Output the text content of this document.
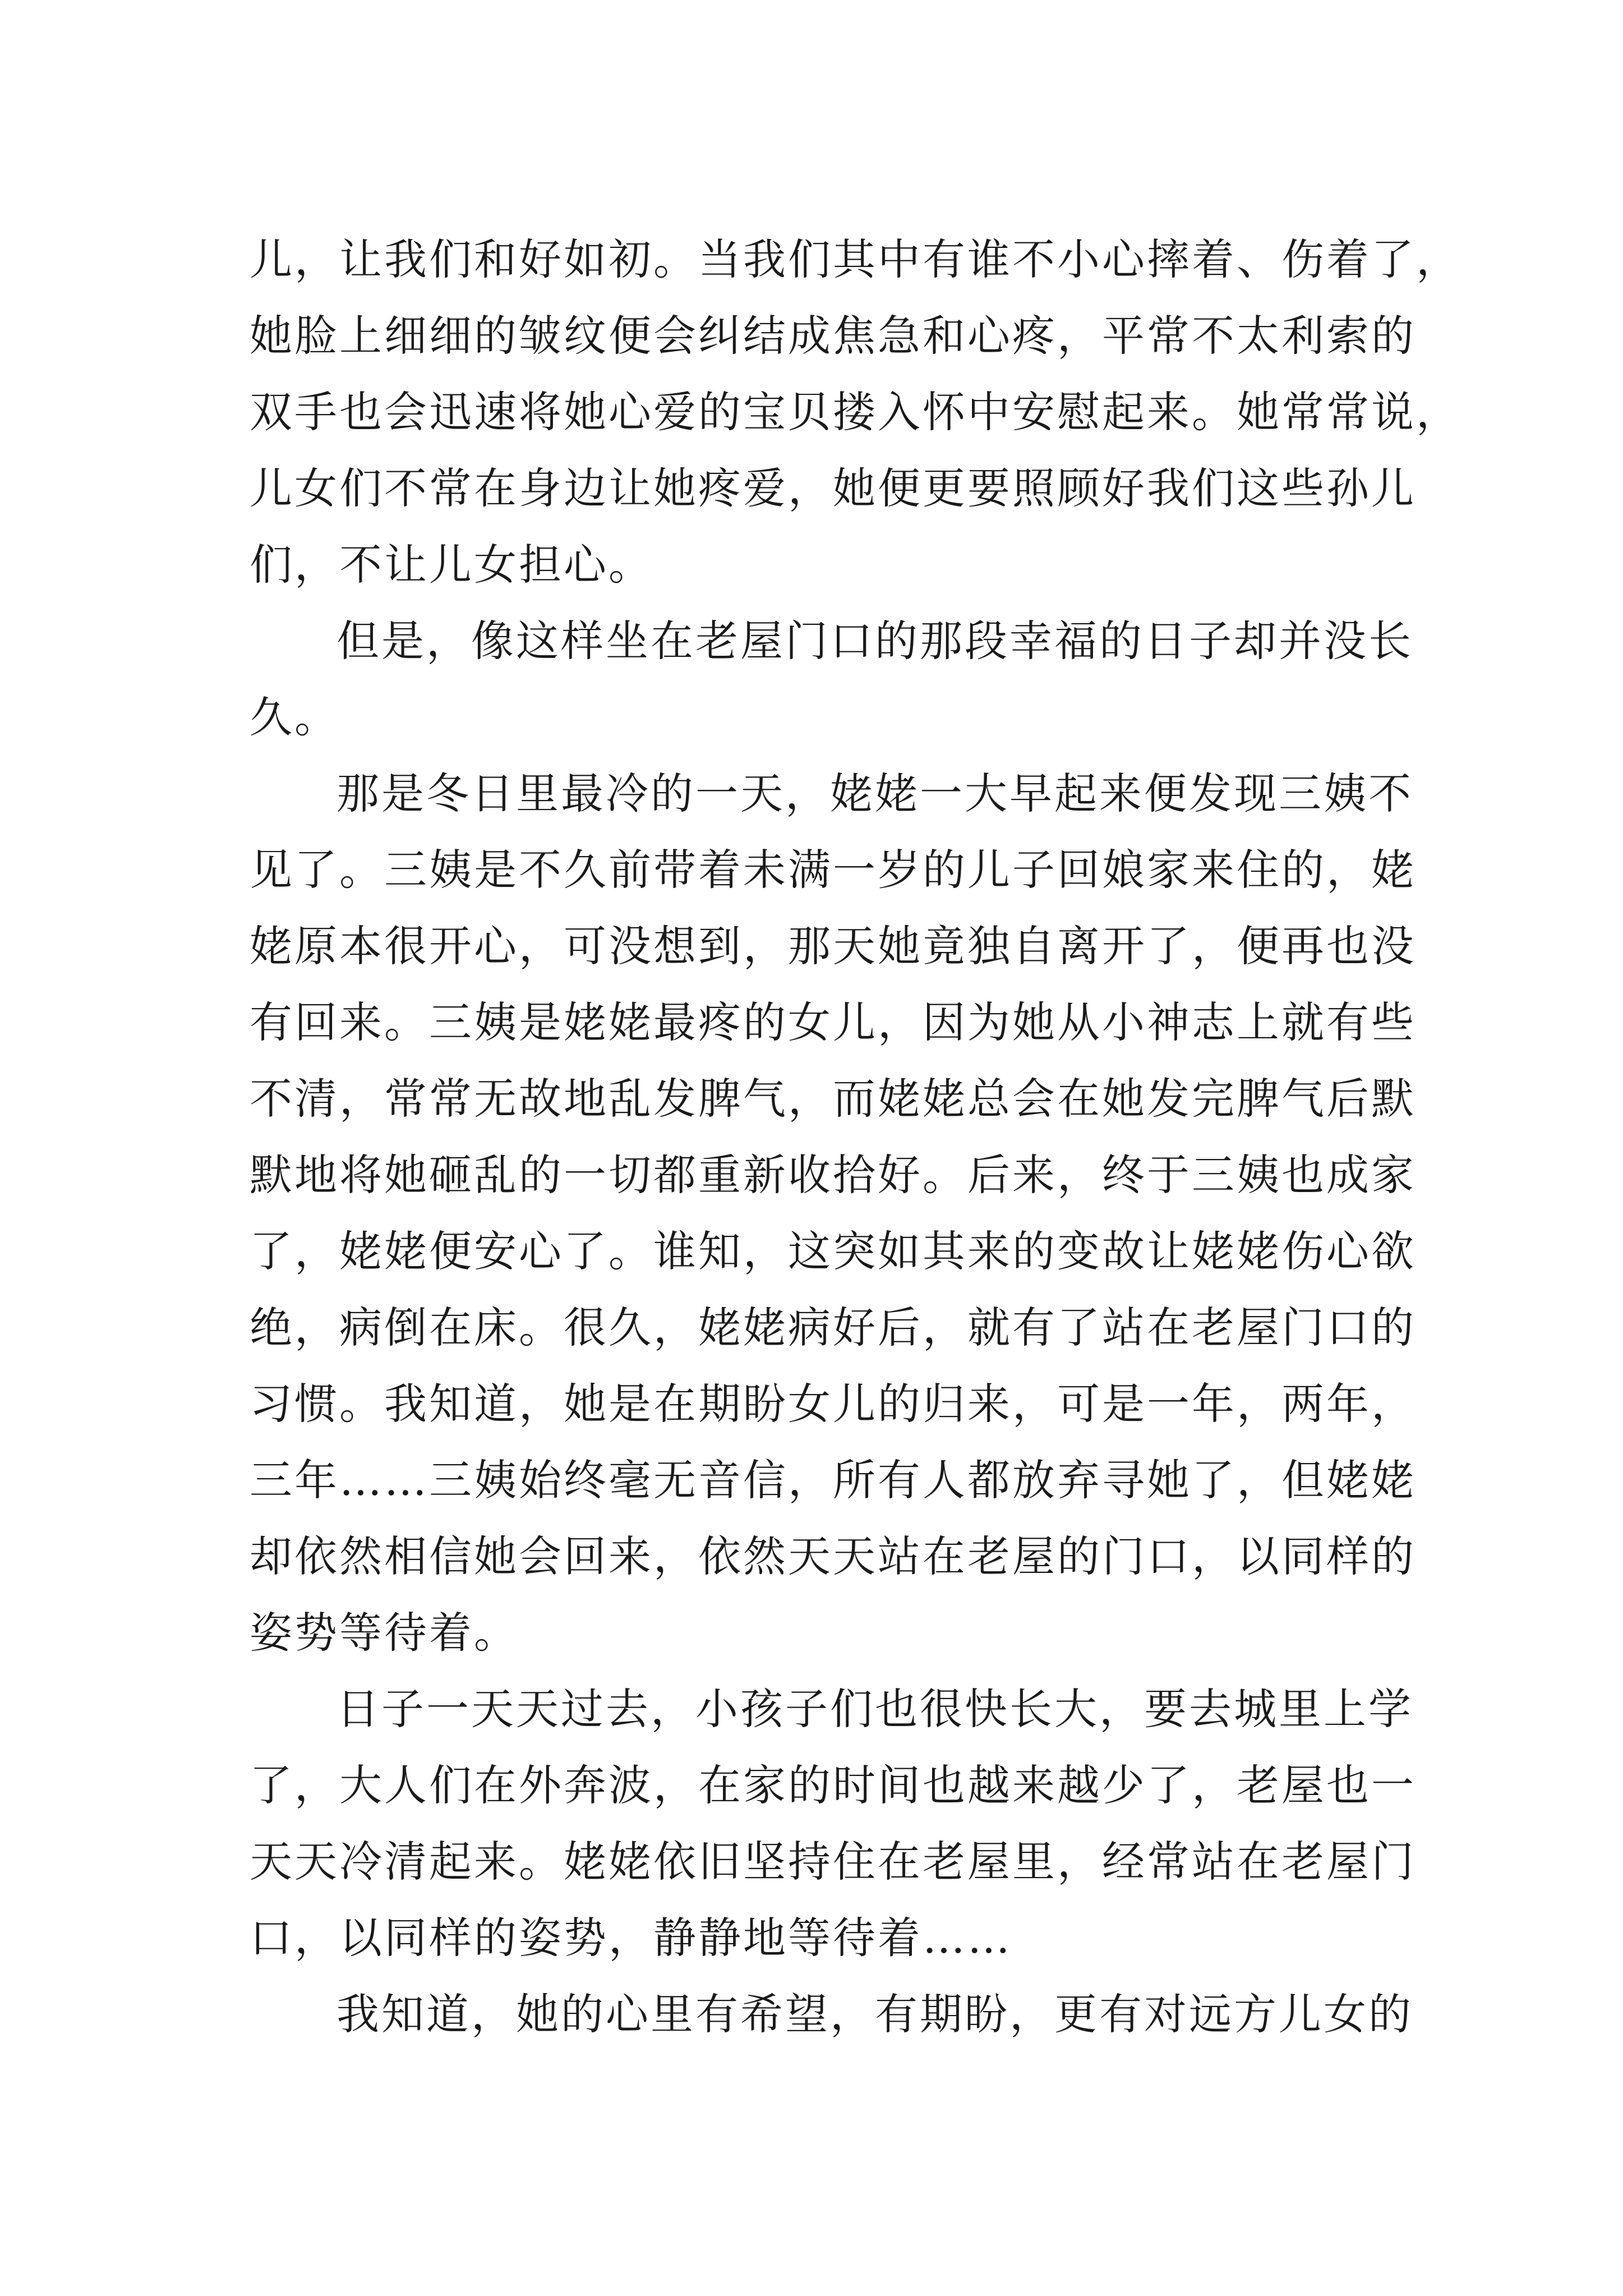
儿，让我们和好如初。当我们其中有谁不小心摔着、伤着了，
她脸上细细的皱纹便会纠结成焦急和心疼，平常不太利索的
双手也会迅速将她心爱的宝贝搂入怀中安慰起来。她常常说，
儿女们不常在身边让她疼爱，她便更要照顾好我们这些孙儿
们，不让儿女担心。
但是，像这样坐在老屋门口的那段幸福的日子却并没长
久。
那是冬日里最冷的一天，姥姥一大早起来便发现三姨不
见了。三姨是不久前带着未满一岁的儿子回娘家来住的，姥
姥原本很开心，可没想到，那天她竟独自离开了，便再也没
有回来。三姨是姥姥最疼的女儿，因为她从小神志上就有些
不清，常常无故地乱发脾气，而姥姥总会在她发完脾气后默
默地将她砸乱的一切都重新收拾好。后来，终于三姨也成家
了，姥姥便安心了。谁知，这突如其来的变故让姥姥伤心欲
绝，病倒在床。很久，姥姥病好后，就有了站在老屋门口的
习惯。我知道，她是在期盼女儿的归来，可是一年，两年，
三年……三姨始终毫无音信，所有人都放弃寻她了，但姥姥
却依然相信她会回来，依然天天站在老屋的门口，以同样的
姿势等待着。
日子一天天过去，小孩子们也很快长大，要去城里上学
了，大人们在外奔波，在家的时间也越来越少了，老屋也一
天天冷清起来。姥姥依旧坚持住在老屋里，经常站在老屋门
口，以同样的姿势，静静地等待着……
我知道，她的心里有希望，有期盼，更有对远方儿女的
